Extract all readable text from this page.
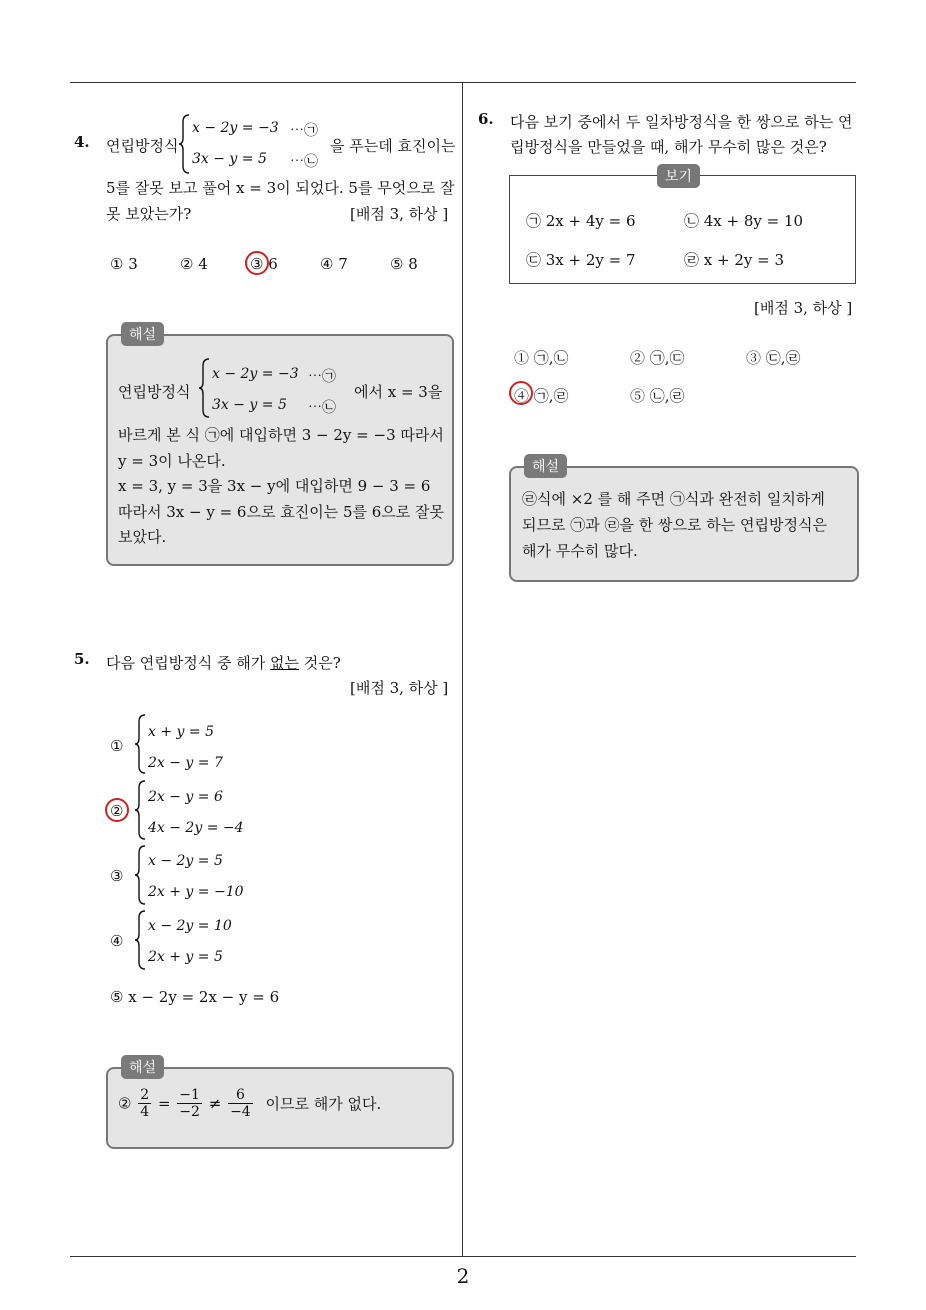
2
4. 연립방정식
x − 2y = −3 ⋯㉠
3x − y = 5 ⋯㉡
을 푸는데 효진이는
5를 잘못 보고 풀어 x = 3이 되었다. 5를 무엇으로 잘
못 보았는가?	[배점 3, 하상 ]
① 3	② 4	③ 6	④ 7	⑤ 8
해설
연립방정식
x − 2y = −3 ⋯㉠
3x − y = 5 ⋯㉡
에서 x = 3을
바르게 본 식 ㉠에 대입하면 3 − 2y = −3 따라서
y = 3이 나온다.
x = 3, y = 3을 3x − y에 대입하면 9 − 3 = 6
따라서 3x − y = 6으로 효진이는 5를 6으로 잘못
보았다.
5. 다음 연립방정식 중 해가 없는 것은?
[배점 3, 하상 ]
①
x + y = 5
2x − y = 7
②
2x − y = 6
4x − 2y = −4
③
x − 2y = 5
2x + y = −10
④
x − 2y = 10
2x + y = 5
⑤ x − 2y = 2x − y = 6
해설
② $\frac{2}{4} = \frac{-1}{-2} \ne \frac{6}{-4}$ 이므로 해가 없다.
6. 다음 보기 중에서 두 일차방정식을 한 쌍으로 하는 연
립방정식을 만들었을 때, 해가 무수히 많은 것은?
보기
㉠ 2x + 4y = 6	㉡ 4x + 8y = 10
㉢ 3x + 2y = 7	㉣ x + 2y = 3
[배점 3, 하상 ]
① ㉠,㉡	② ㉠,㉢	③ ㉢,㉣
④ ㉠,㉣	⑤ ㉡,㉣
해설
㉣식에 ×2 를 해 주면 ㉠식과 완전히 일치하게
되므로 ㉠과 ㉣을 한 쌍으로 하는 연립방정식은
해가 무수히 많다.
